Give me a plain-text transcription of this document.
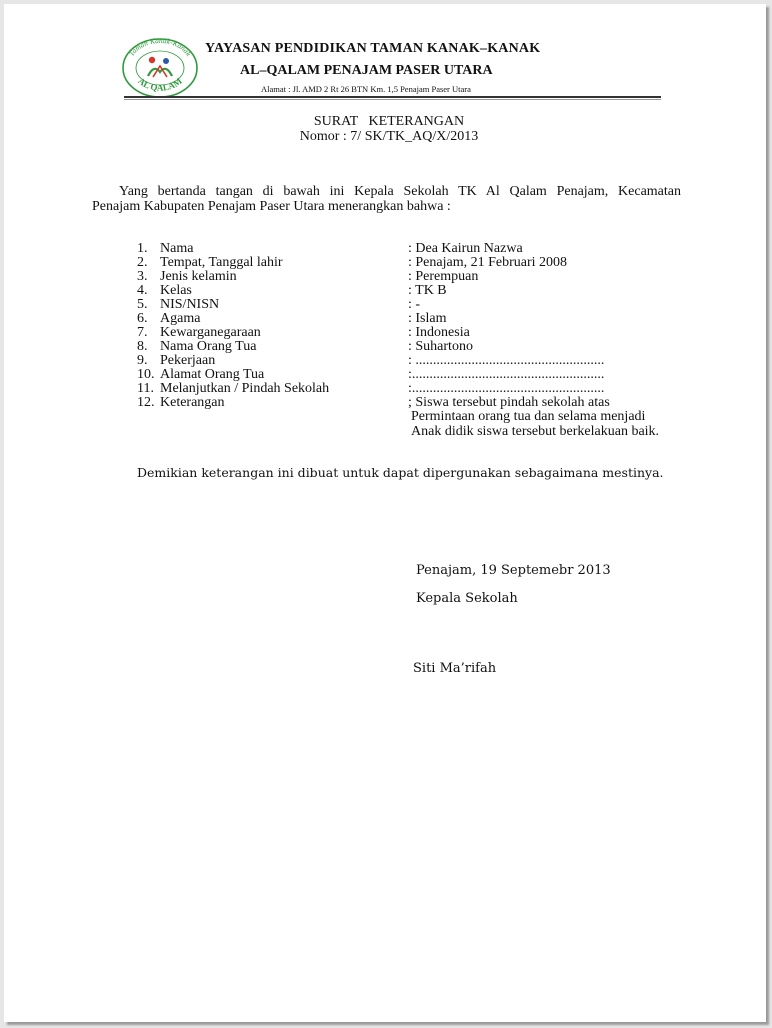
Taman Kanak-Kanak
AL QALAM
YAYASAN PENDIDIKAN TAMAN KANAK–KANAK
AL–QALAM PENAJAM PASER UTARA
Alamat : Jl. AMD 2 Rt 26 BTN Km. 1,5 Penajam Paser Utara
SURAT   KETERANGAN
Nomor : 7/ SK/TK_AQ/X/2013
Yang bertanda tangan di bawah ini Kepala Sekolah TK Al Qalam Penajam, Kecamatan
Penajam Kabupaten Penajam Paser Utara menerangkan bahwa :
1. Nama	: Dea Kairun Nazwa
2. Tempat, Tanggal lahir	: Penajam, 21 Februari 2008
3. Jenis kelamin	: Perempuan
4. Kelas	: TK B
5. NIS/NISN	: -
6. Agama	: Islam
7. Kewarganegaraan	: Indonesia
8. Nama Orang Tua	: Suhartono
9. Pekerjaan	: ......................................................
10. Alamat Orang Tua	:.......................................................
11. Melanjutkan / Pindah Sekolah	:.......................................................
12. Keterangan	; Siswa tersebut pindah sekolah atas
Permintaan orang tua dan selama menjadi
Anak didik siswa tersebut berkelakuan baik.
Demikian keterangan ini dibuat untuk dapat dipergunakan sebagaimana mestinya.
Penajam, 19 Septemebr 2013
Kepala Sekolah
Siti Ma’rifah
